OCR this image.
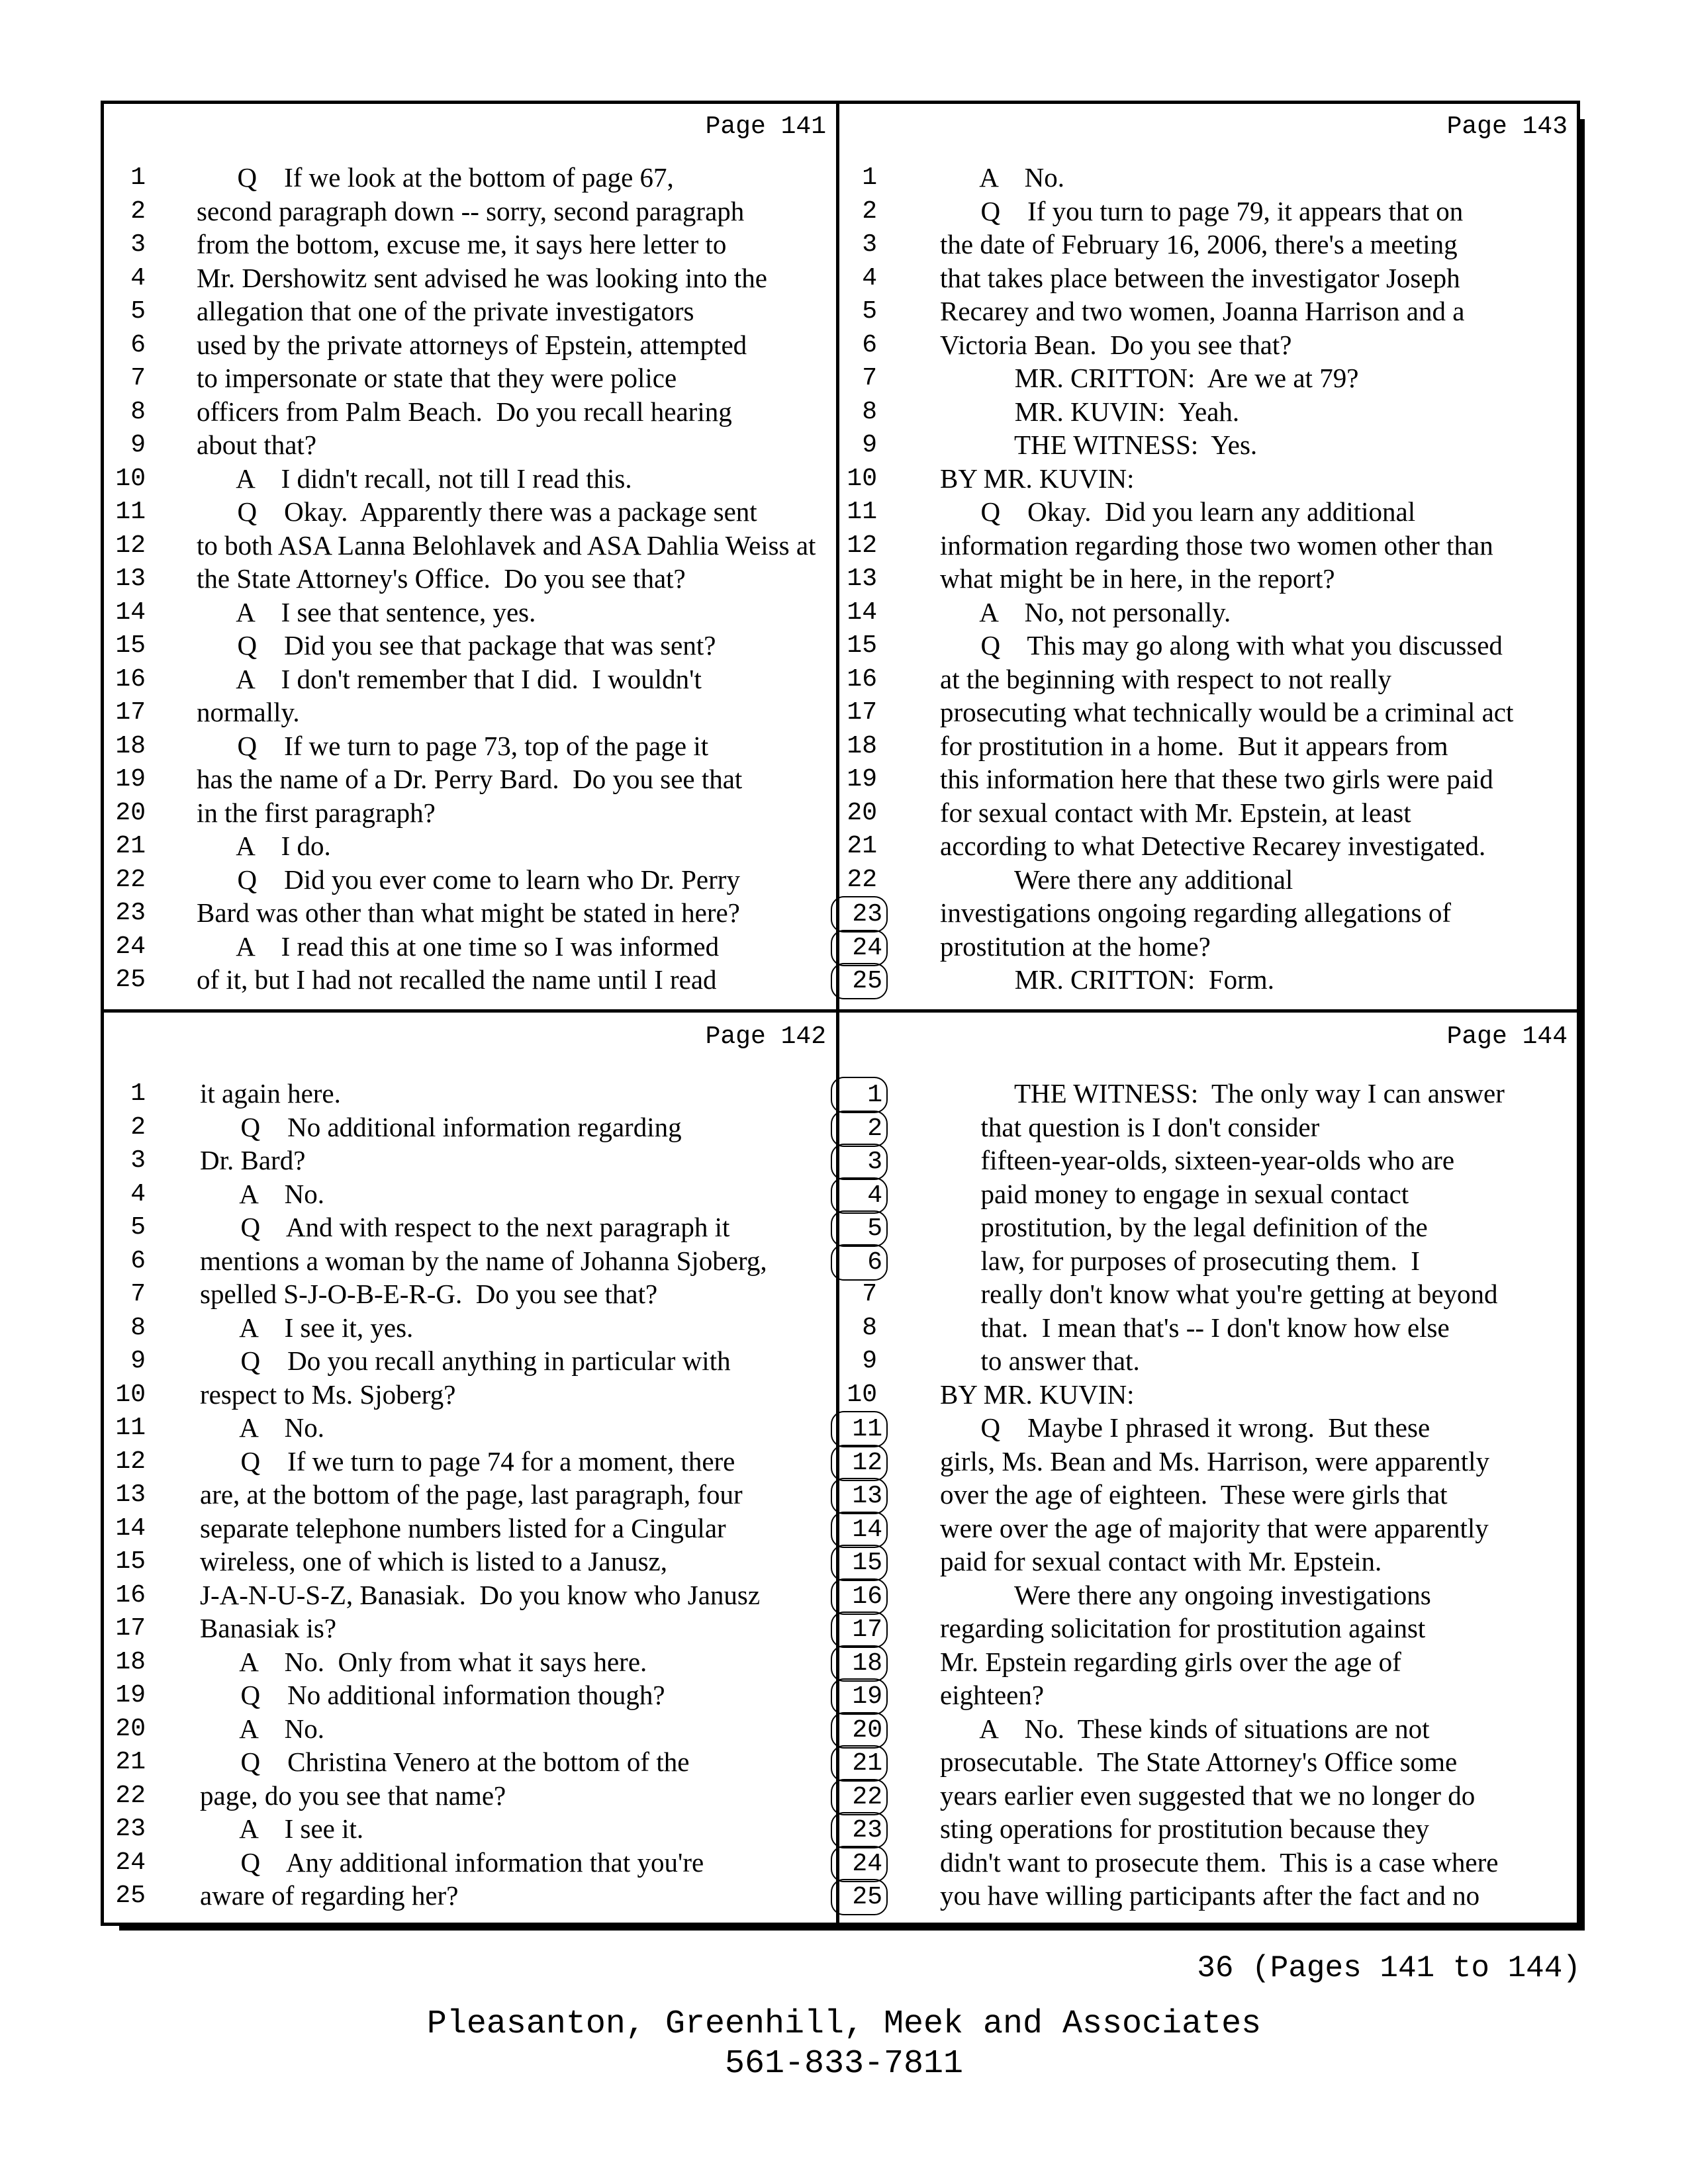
Page 141
1 Q    If we look at the bottom of page 67,
2 second paragraph down -- sorry, second paragraph
3 from the bottom, excuse me, it says here letter to
4 Mr. Dershowitz sent advised he was looking into the
5 allegation that one of the private investigators
6 used by the private attorneys of Epstein, attempted
7 to impersonate or state that they were police
8 officers from Palm Beach.  Do you recall hearing
9 about that?
10 A    I didn't recall, not till I read this.
11 Q    Okay.  Apparently there was a package sent
12 to both ASA Lanna Belohlavek and ASA Dahlia Weiss at
13 the State Attorney's Office.  Do you see that?
14 A    I see that sentence, yes.
15 Q    Did you see that package that was sent?
16 A    I don't remember that I did.  I wouldn't
17 normally.
18 Q    If we turn to page 73, top of the page it
19 has the name of a Dr. Perry Bard.  Do you see that
20 in the first paragraph?
21 A    I do.
22 Q    Did you ever come to learn who Dr. Perry
23 Bard was other than what might be stated in here?
24 A    I read this at one time so I was informed
25 of it, but I had not recalled the name until I read
Page 143
1 A    No.
2 Q    If you turn to page 79, it appears that on
3 the date of February 16, 2006, there's a meeting
4 that takes place between the investigator Joseph
5 Recarey and two women, Joanna Harrison and a
6 Victoria Bean.  Do you see that?
7 MR. CRITTON:  Are we at 79?
8 MR. KUVIN:  Yeah.
9 THE WITNESS:  Yes.
10 BY MR. KUVIN:
11 Q    Okay.  Did you learn any additional
12 information regarding those two women other than
13 what might be in here, in the report?
14 A    No, not personally.
15 Q    This may go along with what you discussed
16 at the beginning with respect to not really
17 prosecuting what technically would be a criminal act
18 for prostitution in a home.  But it appears from
19 this information here that these two girls were paid
20 for sexual contact with Mr. Epstein, at least
21 according to what Detective Recarey investigated.
22 Were there any additional
23 investigations ongoing regarding allegations of
24 prostitution at the home?
25 MR. CRITTON:  Form.
Page 142
1 it again here.
2 Q    No additional information regarding
3 Dr. Bard?
4 A    No.
5 Q    And with respect to the next paragraph it
6 mentions a woman by the name of Johanna Sjoberg,
7 spelled S-J-O-B-E-R-G.  Do you see that?
8 A    I see it, yes.
9 Q    Do you recall anything in particular with
10 respect to Ms. Sjoberg?
11 A    No.
12 Q    If we turn to page 74 for a moment, there
13 are, at the bottom of the page, last paragraph, four
14 separate telephone numbers listed for a Cingular
15 wireless, one of which is listed to a Janusz,
16 J-A-N-U-S-Z, Banasiak.  Do you know who Janusz
17 Banasiak is?
18 A    No.  Only from what it says here.
19 Q    No additional information though?
20 A    No.
21 Q    Christina Venero at the bottom of the
22 page, do you see that name?
23 A    I see it.
24 Q    Any additional information that you're
25 aware of regarding her?
Page 144
1 THE WITNESS:  The only way I can answer
2 that question is I don't consider
3 fifteen-year-olds, sixteen-year-olds who are
4 paid money to engage in sexual contact
5 prostitution, by the legal definition of the
6 law, for purposes of prosecuting them.  I
7 really don't know what you're getting at beyond
8 that.  I mean that's -- I don't know how else
9 to answer that.
10 BY MR. KUVIN:
11 Q    Maybe I phrased it wrong.  But these
12 girls, Ms. Bean and Ms. Harrison, were apparently
13 over the age of eighteen.  These were girls that
14 were over the age of majority that were apparently
15 paid for sexual contact with Mr. Epstein.
16 Were there any ongoing investigations
17 regarding solicitation for prostitution against
18 Mr. Epstein regarding girls over the age of
19 eighteen?
20 A    No.  These kinds of situations are not
21 prosecutable.  The State Attorney's Office some
22 years earlier even suggested that we no longer do
23 sting operations for prostitution because they
24 didn't want to prosecute them.  This is a case where
25 you have willing participants after the fact and no
36 (Pages 141 to 144)
Pleasanton, Greenhill, Meek and Associates
561-833-7811
